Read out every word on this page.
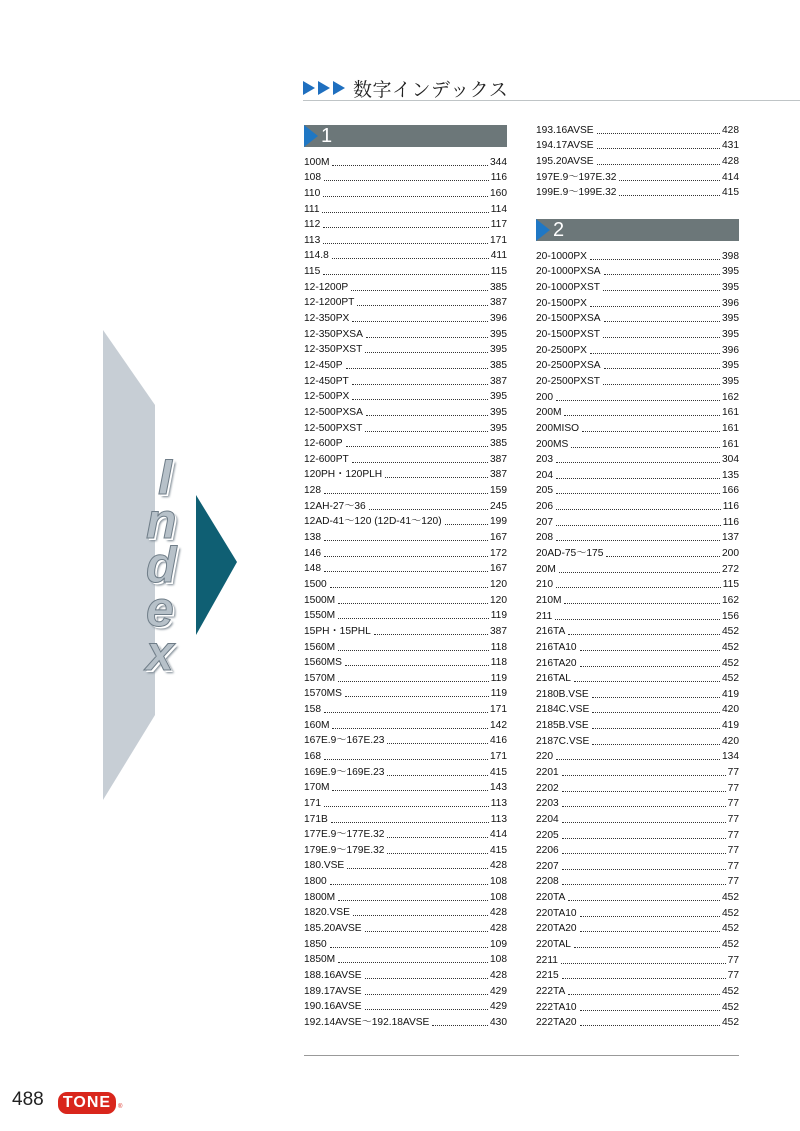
数字インデックス
I
n
d
e
x
1
100M	344
108	116
110	160
111	114
112	117
113	171
114.8	411
115	115
12-1200P	385
12-1200PT	387
12-350PX	396
12-350PXSA	395
12-350PXST	395
12-450P	385
12-450PT	387
12-500PX	395
12-500PXSA	395
12-500PXST	395
12-600P	385
12-600PT	387
120PH・120PLH	387
128	159
12AH-27～36	245
12AD-41～120 (12D-41～120)	199
138	167
146	172
148	167
1500	120
1500M	120
1550M	119
15PH・15PHL	387
1560M	118
1560MS	118
1570M	119
1570MS	119
158	171
160M	142
167E.9～167E.23	416
168	171
169E.9～169E.23	415
170M	143
171	113
171B	113
177E.9～177E.32	414
179E.9～179E.32	415
180.VSE	428
1800	108
1800M	108
1820.VSE	428
185.20AVSE	428
1850	109
1850M	108
188.16AVSE	428
189.17AVSE	429
190.16AVSE	429
192.14AVSE～192.18AVSE	430
193.16AVSE	428
194.17AVSE	431
195.20AVSE	428
197E.9～197E.32	414
199E.9～199E.32	415
2
20-1000PX	398
20-1000PXSA	395
20-1000PXST	395
20-1500PX	396
20-1500PXSA	395
20-1500PXST	395
20-2500PX	396
20-2500PXSA	395
20-2500PXST	395
200	162
200M	161
200MISO	161
200MS	161
203	304
204	135
205	166
206	116
207	116
208	137
20AD-75～175	200
20M	272
210	115
210M	162
211	156
216TA	452
216TA10	452
216TA20	452
216TAL	452
2180B.VSE	419
2184C.VSE	420
2185B.VSE	419
2187C.VSE	420
220	134
2201	77
2202	77
2203	77
2204	77
2205	77
2206	77
2207	77
2208	77
220TA	452
220TA10	452
220TA20	452
220TAL	452
2211	77
2215	77
222TA	452
222TA10	452
222TA20	452
488	TONE	®
